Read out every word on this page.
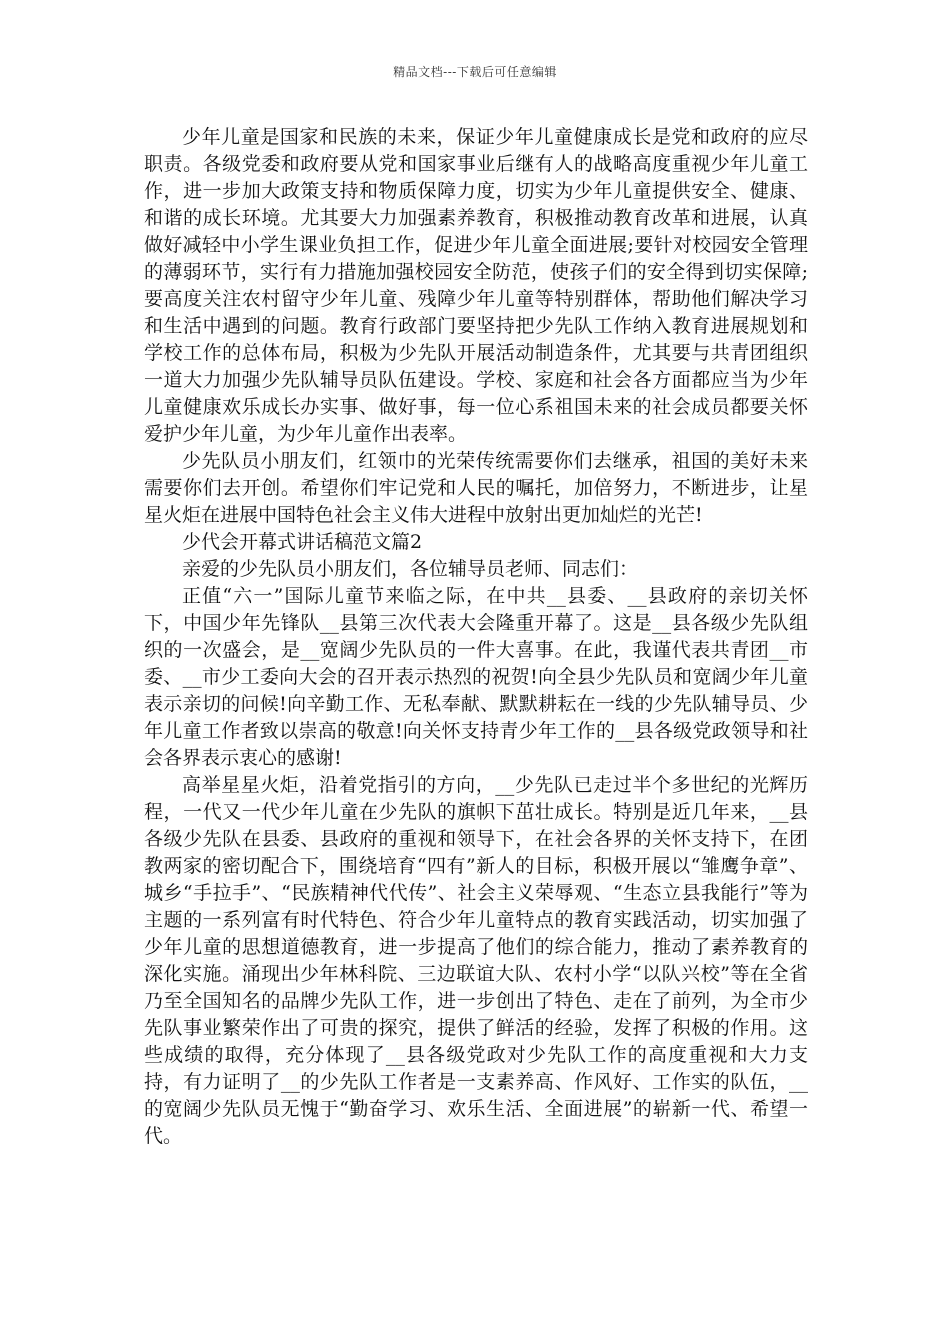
精品文档---下载后可任意编辑

少年儿童是国家和民族的未来，保证少年儿童健康成长是党和政府的应尽职责。各级党委和政府要从党和国家事业后继有人的战略高度重视少年儿童工作，进一步加大政策支持和物质保障力度，切实为少年儿童提供安全、健康、和谐的成长环境。尤其要大力加强素养教育，积极推动教育改革和进展，认真做好减轻中小学生课业负担工作，促进少年儿童全面进展;要针对校园安全管理的薄弱环节，实行有力措施加强校园安全防范，使孩子们的安全得到切实保障;要高度关注农村留守少年儿童、残障少年儿童等特别群体，帮助他们解决学习和生活中遇到的问题。教育行政部门要坚持把少先队工作纳入教育进展规划和学校工作的总体布局，积极为少先队开展活动制造条件，尤其要与共青团组织一道大力加强少先队辅导员队伍建设。学校、家庭和社会各方面都应当为少年儿童健康欢乐成长办实事、做好事，每一位心系祖国未来的社会成员都要关怀爱护少年儿童，为少年儿童作出表率。

少先队员小朋友们，红领巾的光荣传统需要你们去继承，祖国的美好未来需要你们去开创。希望你们牢记党和人民的嘱托，加倍努力，不断进步，让星星火炬在进展中国特色社会主义伟大进程中放射出更加灿烂的光芒!

少代会开幕式讲话稿范文篇2

亲爱的少先队员小朋友们，各位辅导员老师、同志们：

正值“六一”国际儿童节来临之际，在中共__县委、__县政府的亲切关怀下，中国少年先锋队__县第三次代表大会隆重开幕了。这是__县各级少先队组织的一次盛会，是__宽阔少先队员的一件大喜事。在此，我谨代表共青团__市委、__市少工委向大会的召开表示热烈的祝贺!向全县少先队员和宽阔少年儿童表示亲切的问候!向辛勤工作、无私奉献、默默耕耘在一线的少先队辅导员、少年儿童工作者致以崇高的敬意!向关怀支持青少年工作的__县各级党政领导和社会各界表示衷心的感谢!

高举星星火炬，沿着党指引的方向，__少先队已走过半个多世纪的光辉历程，一代又一代少年儿童在少先队的旗帜下茁壮成长。特别是近几年来，__县各级少先队在县委、县政府的重视和领导下，在社会各界的关怀支持下，在团教两家的密切配合下，围绕培育“四有”新人的目标，积极开展以“雏鹰争章”、城乡“手拉手”、“民族精神代代传”、社会主义荣辱观、“生态立县我能行”等为主题的一系列富有时代特色、符合少年儿童特点的教育实践活动，切实加强了少年儿童的思想道德教育，进一步提高了他们的综合能力，推动了素养教育的深化实施。涌现出少年林科院、三边联谊大队、农村小学“以队兴校”等在全省乃至全国知名的品牌少先队工作，进一步创出了特色、走在了前列，为全市少先队事业繁荣作出了可贵的探究，提供了鲜活的经验，发挥了积极的作用。这些成绩的取得，充分体现了__县各级党政对少先队工作的高度重视和大力支持，有力证明了__的少先队工作者是一支素养高、作风好、工作实的队伍，__的宽阔少先队员无愧于“勤奋学习、欢乐生活、全面进展”的崭新一代、希望一代。
